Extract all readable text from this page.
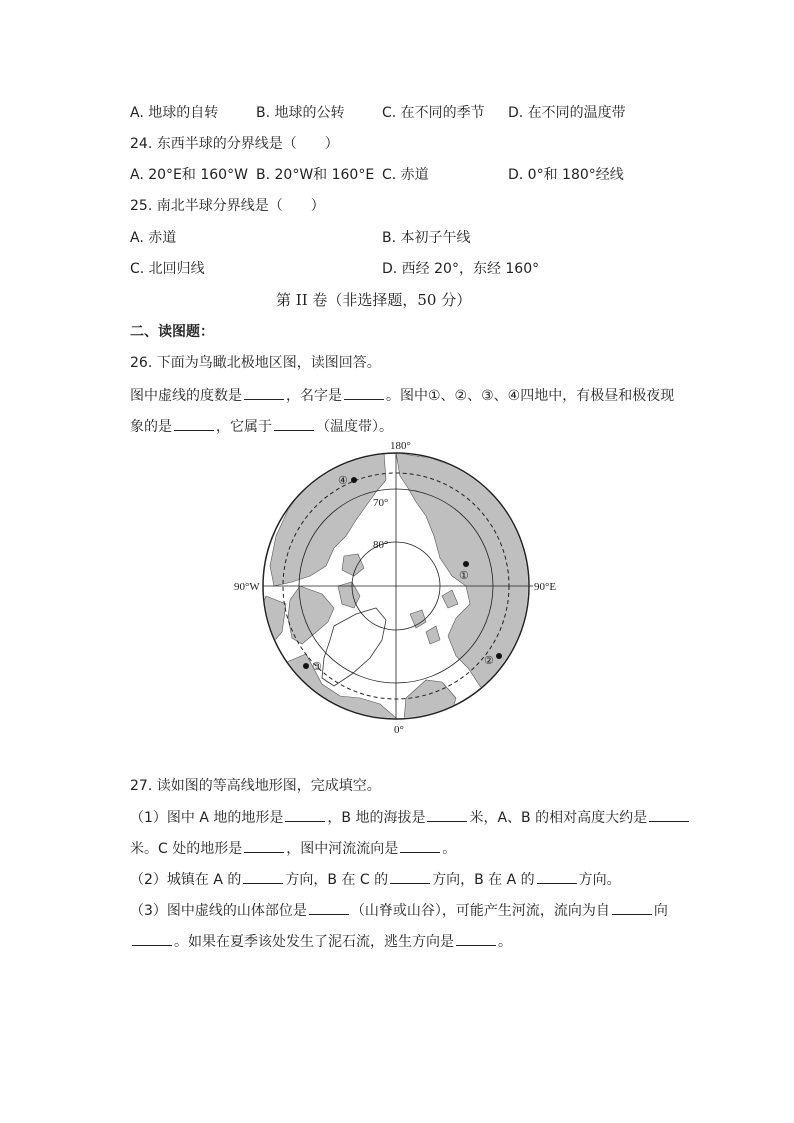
A. 地球的自转	B. 地球的公转	C. 在不同的季节 D. 在不同的温度带
24. 东西半球的分界线是（　　）
A. 20°E和 160°W B. 20°W和 160°E C. 赤道	D. 0°和 180°经线
25. 南北半球分界线是（　　）
A. 赤道	B. 本初子午线
C. 北回归线	D. 西经 20°，东经 160°
第 II 卷（非选择题，50 分）
二、读图题：
26. 下面为鸟瞰北极地区图，读图回答。
图中虚线的度数是	，名字是	。图中①、②、③、④四地中，有极昼和极夜现
象的是	，它属于	（温度带）。
180°
0°
90°W	90°E
70°
80°
④
①
②
③
27. 读如图的等高线地形图，完成填空。
（1）图中 A 地的地形是	，B 地的海拔是	米，A、B 的相对高度大约是
米。C 处的地形是	，图中河流流向是	。
（2）城镇在 A 的	方向，B 在 C 的	方向，B 在 A 的	方向。
（3）图中虚线的山体部位是	（山脊或山谷），可能产生河流，流向为自	向
。如果在夏季该处发生了泥石流，逃生方向是	。
